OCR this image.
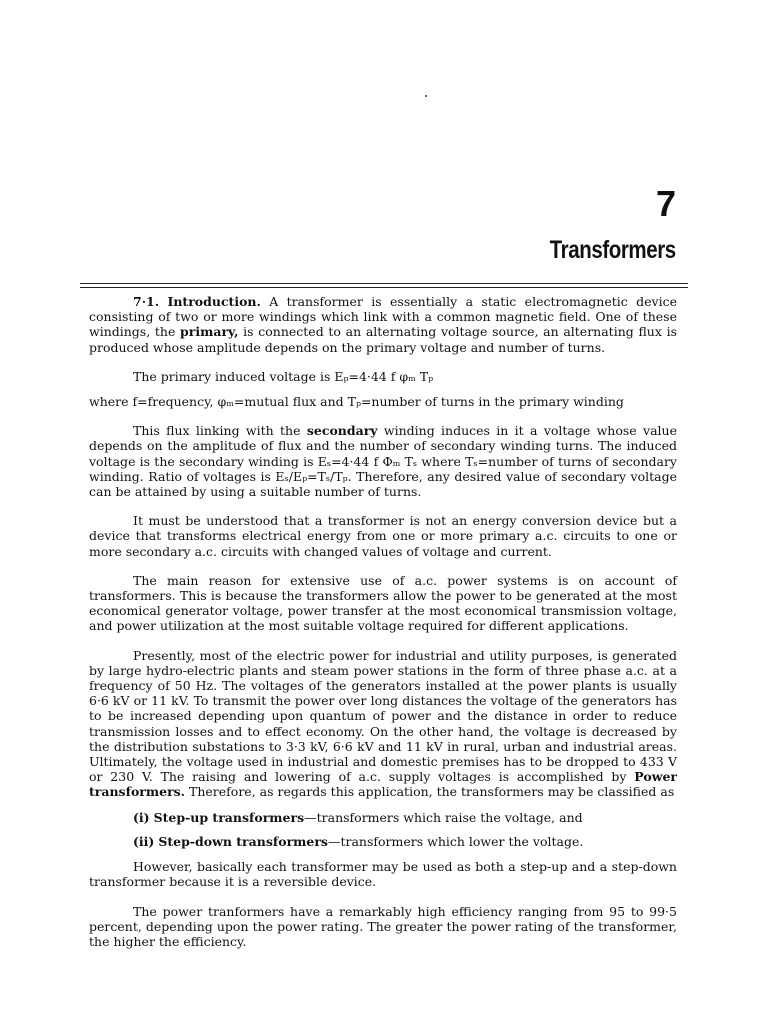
7
Transformers

7·1. Introduction. A transformer is essentially a static electromagnetic device consisting of two or more windings which link with a common magnetic field. One of these windings, the primary, is connected to an alternating voltage source, an alternating flux is produced whose amplitude depends on the primary voltage and number of turns.

The primary induced voltage is Eₚ=4·44 f φₘ Tₚ

where f=frequency, φₘ=mutual flux and Tₚ=number of turns in the primary winding

This flux linking with the secondary winding induces in it a voltage whose value depends on the amplitude of flux and the number of secondary winding turns. The induced voltage is the secondary winding is Eₛ=4·44 f Φₘ Tₛ where Tₛ=number of turns of secondary winding. Ratio of voltages is Eₛ/Eₚ=Tₛ/Tₚ. Therefore, any desired value of secondary voltage can be attained by using a suitable number of turns.

It must be understood that a transformer is not an energy conversion device but a device that transforms electrical energy from one or more primary a.c. circuits to one or more secondary a.c. circuits with changed values of voltage and current.

The main reason for extensive use of a.c. power systems is on account of transformers. This is because the transformers allow the power to be generated at the most economical generator voltage, power transfer at the most economical transmission voltage, and power utilization at the most suitable voltage required for different applications.

Presently, most of the electric power for industrial and utility purposes, is generated by large hydro-electric plants and steam power stations in the form of three phase a.c. at a frequency of 50 Hz. The voltages of the generators installed at the power plants is usually 6·6 kV or 11 kV. To transmit the power over long distances the voltage of the generators has to be increased depending upon quantum of power and the distance in order to reduce transmission losses and to effect economy. On the other hand, the voltage is decreased by the distribution substations to 3·3 kV, 6·6 kV and 11 kV in rural, urban and industrial areas. Ultimately, the voltage used in industrial and domestic premises has to be dropped to 433 V or 230 V. The raising and lowering of a.c. supply voltages is accomplished by Power transformers. Therefore, as regards this application, the transformers may be classified as

(i) Step-up transformers—transformers which raise the voltage, and
(ii) Step-down transformers—transformers which lower the voltage.

However, basically each transformer may be used as both a step-up and a step-down transformer because it is a reversible device.

The power tranformers have a remarkably high efficiency ranging from 95 to 99·5 percent, depending upon the power rating. The greater the power rating of the transformer, the higher the efficiency.
